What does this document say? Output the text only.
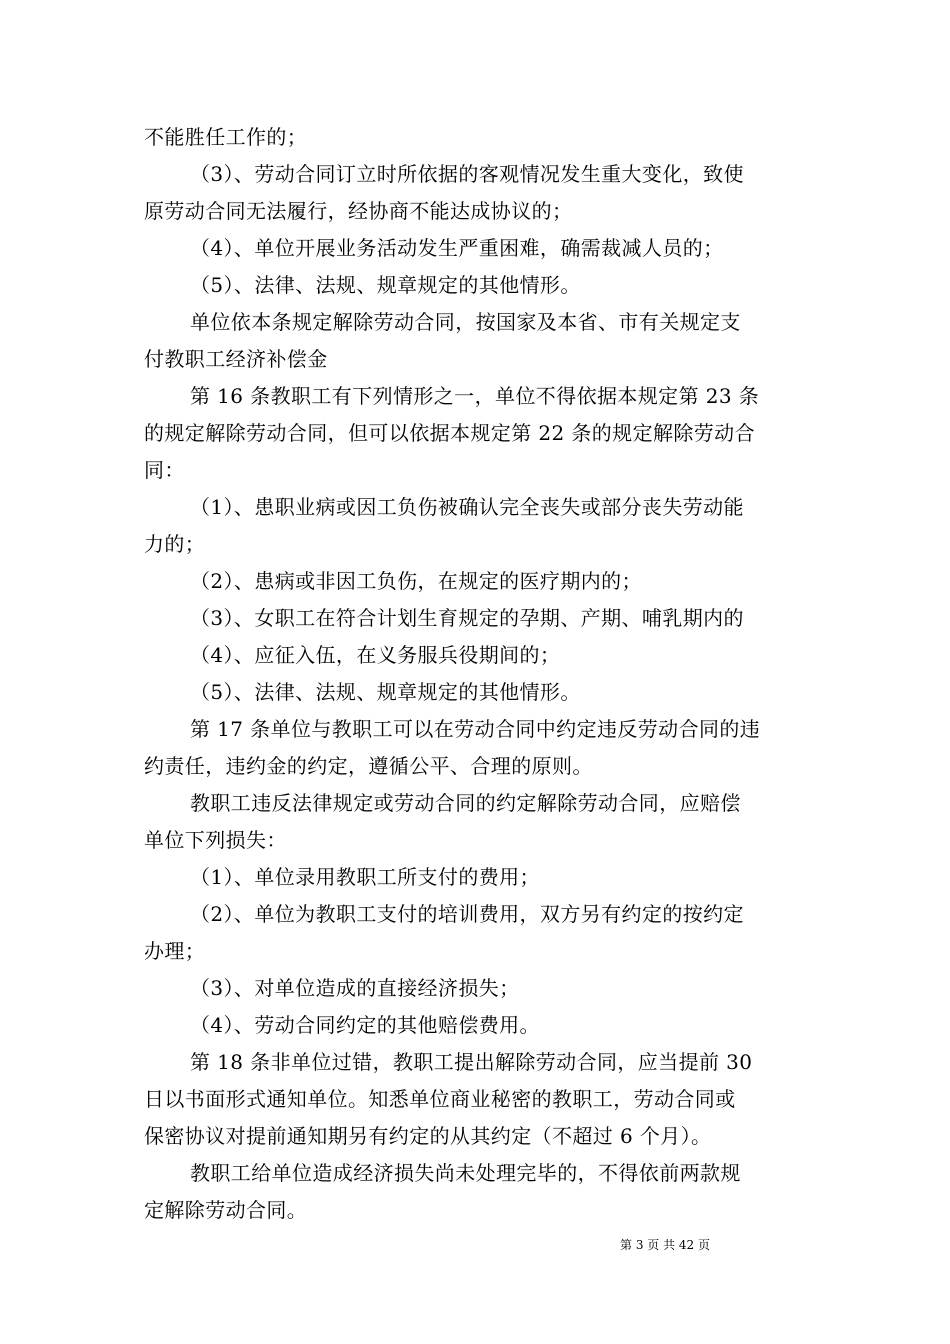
不能胜任工作的；
（3）、劳动合同订立时所依据的客观情况发生重大变化，致使
原劳动合同无法履行，经协商不能达成协议的；
（4）、单位开展业务活动发生严重困难，确需裁减人员的；
（5）、法律、法规、规章规定的其他情形。
单位依本条规定解除劳动合同，按国家及本省、市有关规定支
付教职工经济补偿金
第 16 条教职工有下列情形之一，单位不得依据本规定第 23 条
的规定解除劳动合同，但可以依据本规定第 22 条的规定解除劳动合
同：
（1）、患职业病或因工负伤被确认完全丧失或部分丧失劳动能
力的；
（2）、患病或非因工负伤，在规定的医疗期内的；
（3）、女职工在符合计划生育规定的孕期、产期、哺乳期内的
（4）、应征入伍，在义务服兵役期间的；
（5）、法律、法规、规章规定的其他情形。
第 17 条单位与教职工可以在劳动合同中约定违反劳动合同的违
约责任，违约金的约定，遵循公平、合理的原则。
教职工违反法律规定或劳动合同的约定解除劳动合同，应赔偿
单位下列损失：
（1）、单位录用教职工所支付的费用；
（2）、单位为教职工支付的培训费用，双方另有约定的按约定
办理；
（3）、对单位造成的直接经济损失；
（4）、劳动合同约定的其他赔偿费用。
第 18 条非单位过错，教职工提出解除劳动合同，应当提前 30
日以书面形式通知单位。知悉单位商业秘密的教职工，劳动合同或
保密协议对提前通知期另有约定的从其约定（不超过 6 个月）。
教职工给单位造成经济损失尚未处理完毕的，不得依前两款规
定解除劳动合同。
第 3 页 共 42 页
